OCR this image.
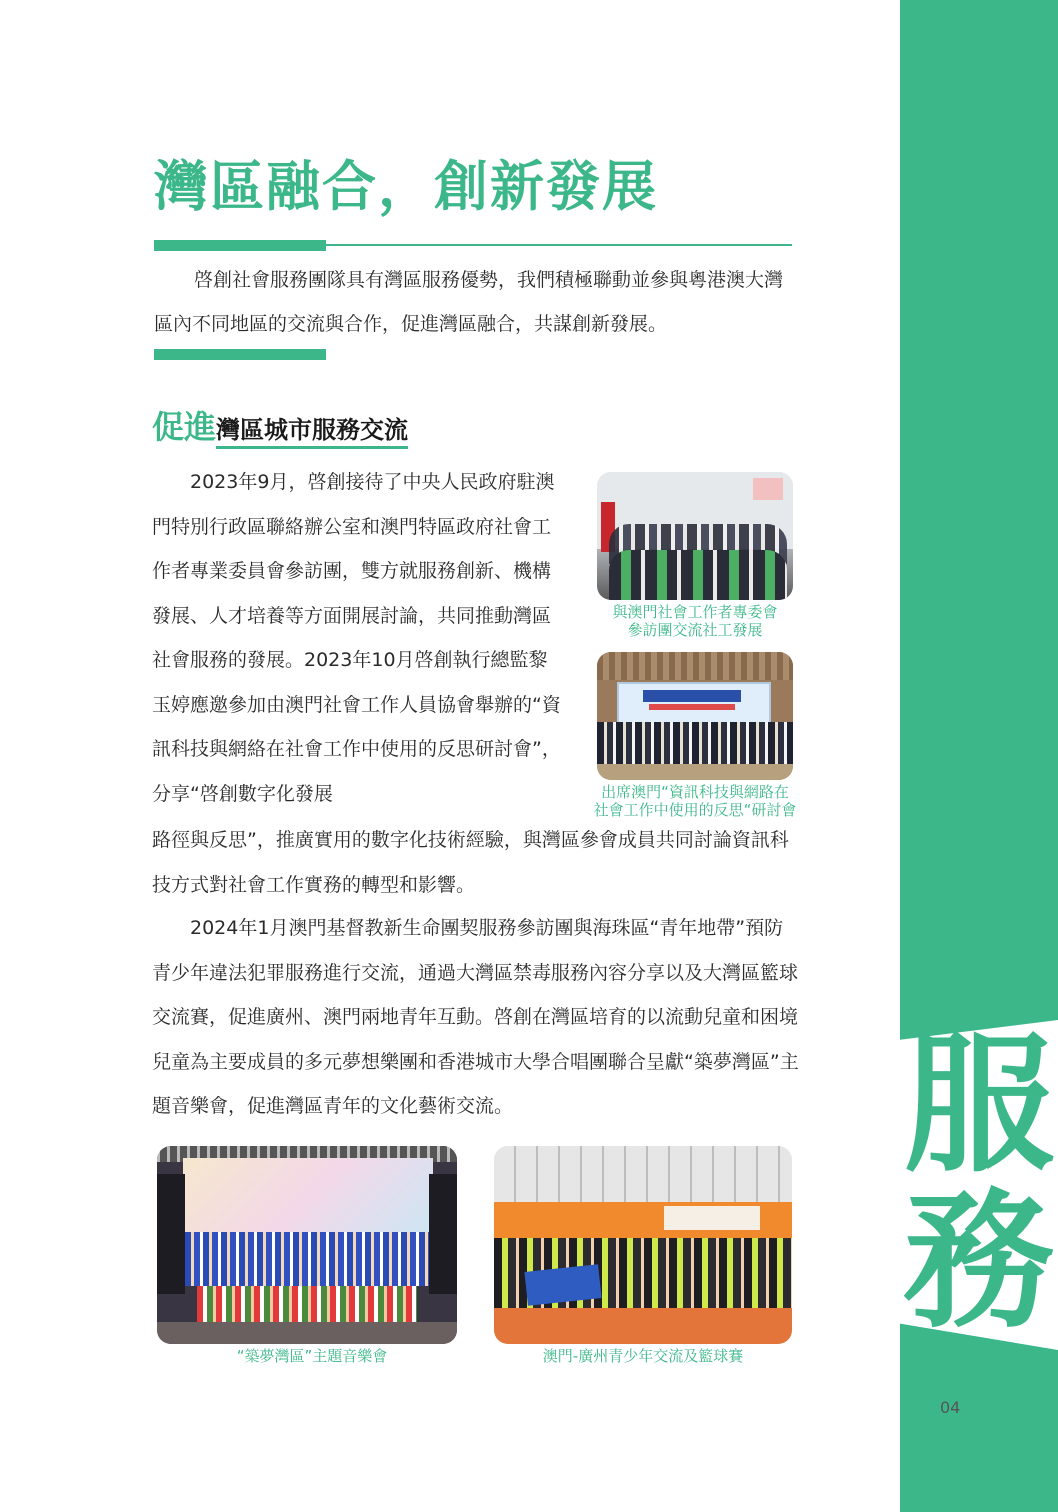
服
務
04
灣區融合，創新發展

啓創社會服務團隊具有灣區服務優勢，我們積極聯動並參與粵港澳大灣區內不同地區的交流與合作，促進灣區融合，共謀創新發展。

促進灣區城市服務交流

2023年9月，啓創接待了中央人民政府駐澳門特別行政區聯絡辦公室和澳門特區政府社會工作者專業委員會參訪團，雙方就服務創新、機構發展、人才培養等方面開展討論，共同推動灣區社會服務的發展。2023年10月啓創執行總監黎玉婷應邀參加由澳門社會工作人員協會舉辦的“資訊科技與網絡在社會工作中使用的反思研討會”，分享“啓創數字化發展

路徑與反思”，推廣實用的數字化技術經驗，與灣區參會成員共同討論資訊科技方式對社會工作實務的轉型和影響。

2024年1月澳門基督教新生命團契服務參訪團與海珠區“青年地帶”預防青少年違法犯罪服務進行交流，通過大灣區禁毒服務內容分享以及大灣區籃球交流賽，促進廣州、澳門兩地青年互動。啓創在灣區培育的以流動兒童和困境兒童為主要成員的多元夢想樂團和香港城市大學合唱團聯合呈獻“築夢灣區”主題音樂會，促進灣區青年的文化藝術交流。

與澳門社會工作者專委會
參訪團交流社工發展
出席澳門“資訊科技與網路在
社會工作中使用的反思“研討會
“築夢灣區”主題音樂會	澳門-廣州青少年交流及籃球賽
